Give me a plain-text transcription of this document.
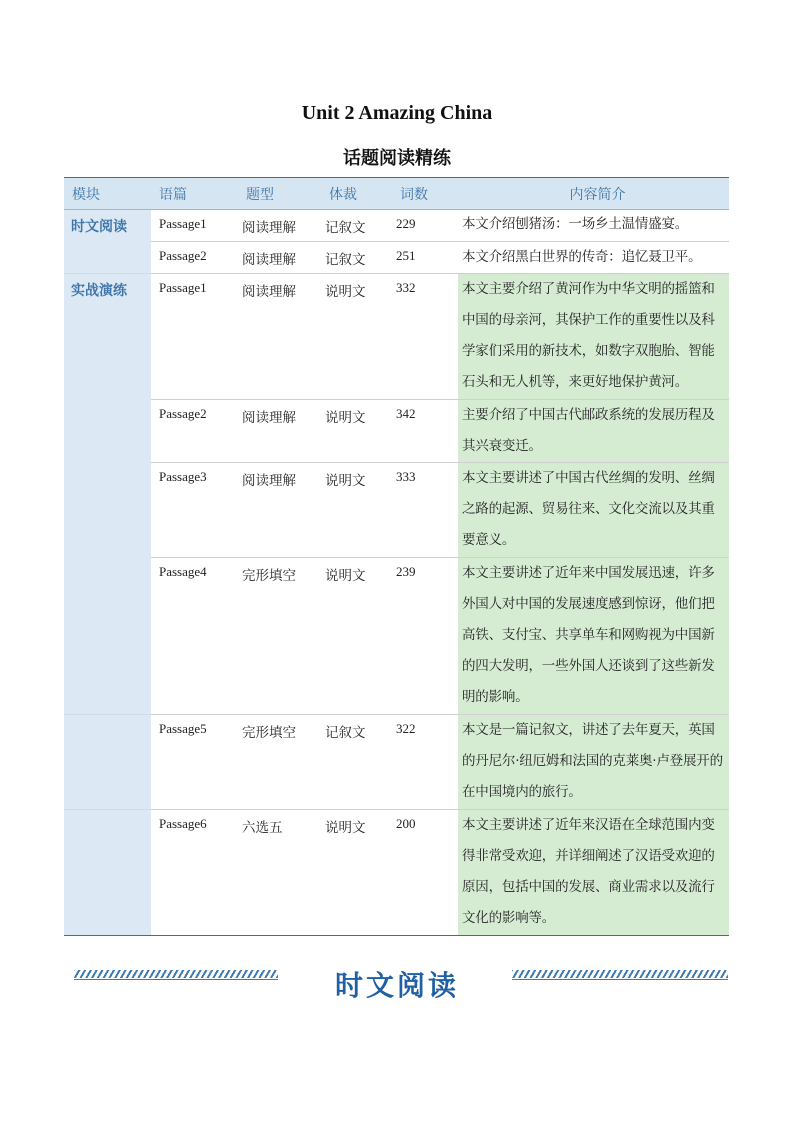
Unit 2 Amazing China
话题阅读精练
模块	语篇	题型	体裁	词数	内容简介
时文阅读	Passage1	阅读理解	记叙文	229	本文介绍刨猪汤：一场乡土温情盛宴。
	Passage2	阅读理解	记叙文	251	本文介绍黑白世界的传奇：追忆聂卫平。
实战演练	Passage1	阅读理解	说明文	332	本文主要介绍了黄河作为中华文明的摇篮和中国的母亲河，其保护工作的重要性以及科学家们采用的新技术，如数字双胞胎、智能石头和无人机等，来更好地保护黄河。
	Passage2	阅读理解	说明文	342	主要介绍了中国古代邮政系统的发展历程及其兴衰变迁。
	Passage3	阅读理解	说明文	333	本文主要讲述了中国古代丝绸的发明、丝绸之路的起源、贸易往来、文化交流以及其重要意义。
	Passage4	完形填空	说明文	239	本文主要讲述了近年来中国发展迅速，许多外国人对中国的发展速度感到惊讶，他们把高铁、支付宝、共享单车和网购视为中国新的四大发明，一些外国人还谈到了这些新发明的影响。
	Passage5	完形填空	记叙文	322	本文是一篇记叙文，讲述了去年夏天，英国的丹尼尔·纽厄姆和法国的克莱奥·卢登展开的在中国境内的旅行。
	Passage6	六选五	说明文	200	本文主要讲述了近年来汉语在全球范围内变得非常受欢迎，并详细阐述了汉语受欢迎的原因，包括中国的发展、商业需求以及流行文化的影响等。
时文阅读
